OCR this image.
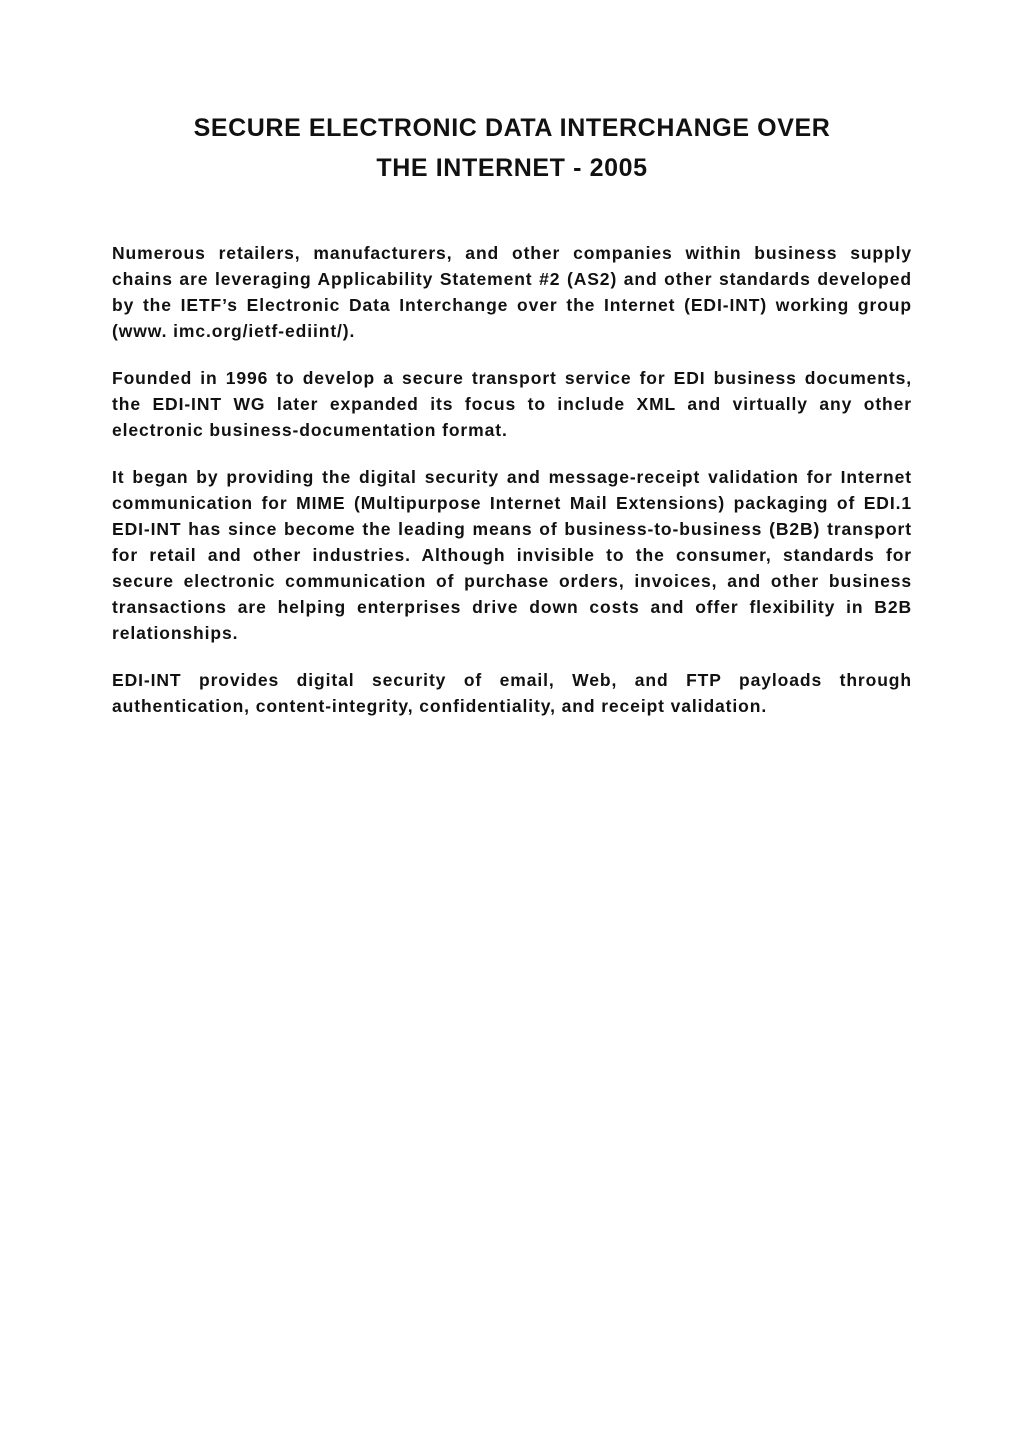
SECURE ELECTRONIC DATA INTERCHANGE OVER
THE INTERNET - 2005

Numerous retailers, manufacturers, and other companies within business supply chains are leveraging Applicability Statement #2 (AS2) and other standards developed by the IETF’s Electronic Data Interchange over the Internet (EDI-INT) working group (www. imc.org/ietf-ediint/).

Founded in 1996 to develop a secure transport service for EDI business documents, the EDI-INT WG later expanded its focus to include XML and virtually any other electronic business-documentation format.

It began by providing the digital security and message-receipt validation for Internet communication for MIME (Multipurpose Internet Mail Extensions) packaging of EDI.1 EDI-INT has since become the leading means of business-to-business (B2B) transport for retail and other industries. Although invisible to the consumer, standards for secure electronic communication of purchase orders, invoices, and other business transactions are helping enterprises drive down costs and offer flexibility in B2B relationships.

EDI-INT provides digital security of email, Web, and FTP payloads through authentication, content-integrity, confidentiality, and receipt validation.
